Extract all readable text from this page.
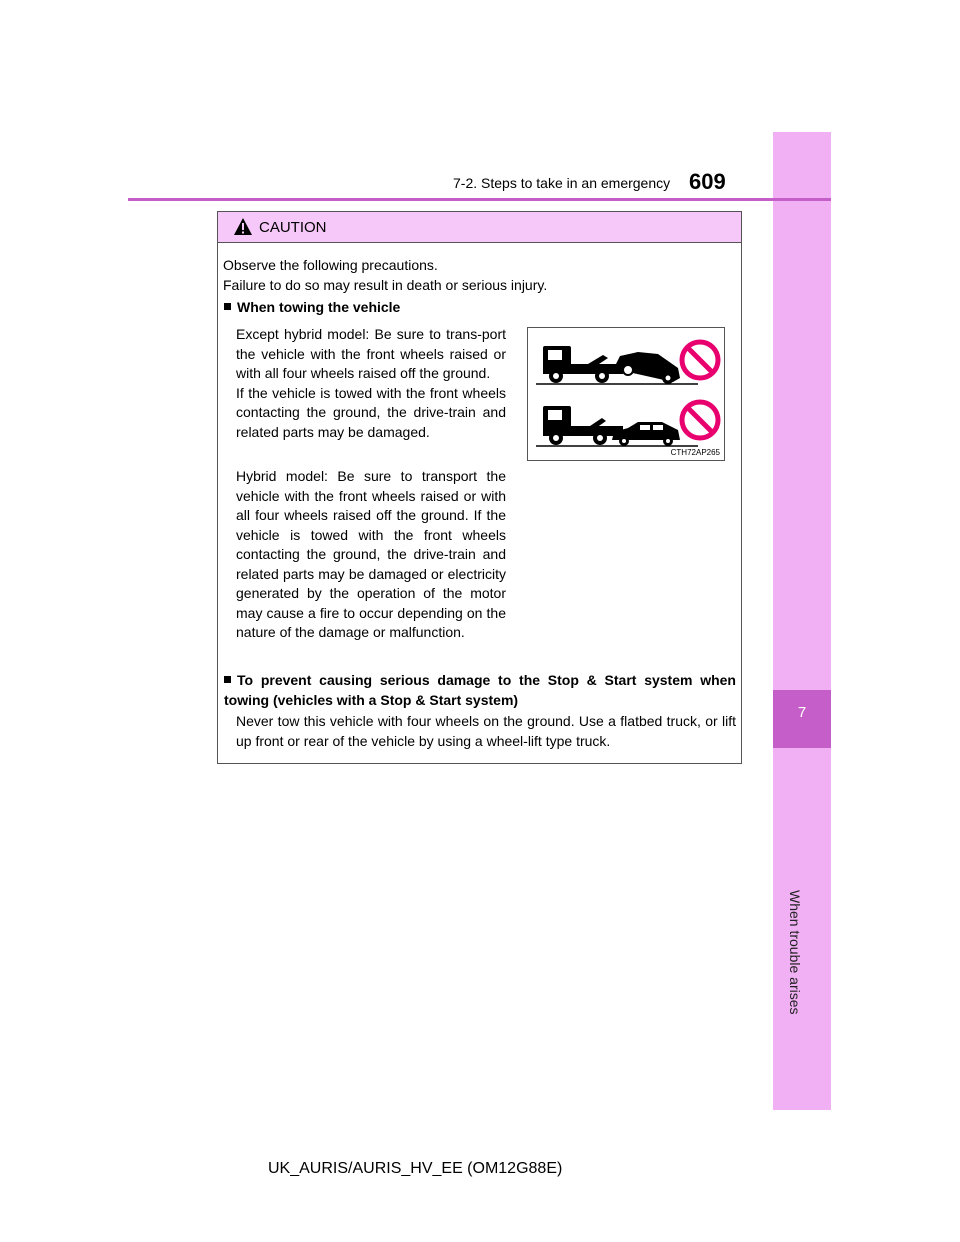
7
When trouble arises
7-2. Steps to take in an emergency 609
CAUTION
Observe the following precautions.
Failure to do so may result in death or serious injury.
When towing the vehicle
Except hybrid model: Be sure to trans-port the vehicle with the front wheels raised or with all four wheels raised off the ground.
If the vehicle is towed with the front wheels contacting the ground, the drive-train and related parts may be damaged.
Hybrid model: Be sure to transport the vehicle with the front wheels raised or with all four wheels raised off the ground. If the vehicle is towed with the front wheels contacting the ground, the drive-train and related parts may be damaged or electricity generated by the operation of the motor may cause a fire to occur depending on the nature of the damage or malfunction.
CTH72AP265
To prevent causing serious damage to the Stop & Start system when towing (vehicles with a Stop & Start system)
Never tow this vehicle with four wheels on the ground. Use a flatbed truck, or lift up front or rear of the vehicle by using a wheel-lift type truck.
UK_AURIS/AURIS_HV_EE (OM12G88E)
